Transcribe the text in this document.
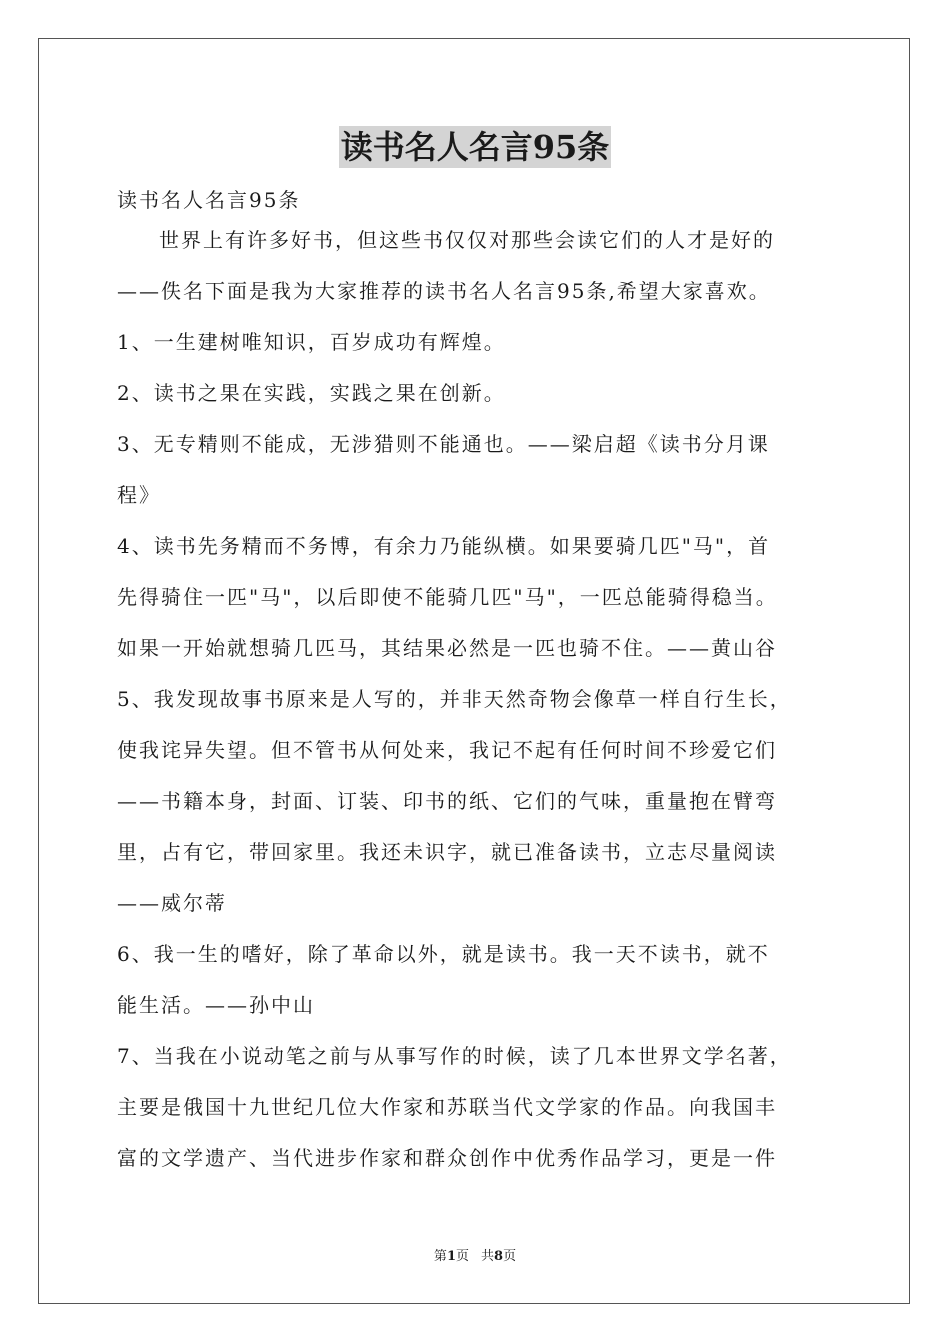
读书名人名言95条
读书名人名言95条
世界上有许多好书，但这些书仅仅对那些会读它们的人才是好的
——佚名下面是我为大家推荐的读书名人名言95条,希望大家喜欢。
1、一生建树唯知识，百岁成功有辉煌。
2、读书之果在实践，实践之果在创新。
3、无专精则不能成，无涉猎则不能通也。——梁启超《读书分月课
程》
4、读书先务精而不务博，有余力乃能纵横。如果要骑几匹"马"，首
先得骑住一匹"马"，以后即使不能骑几匹"马"，一匹总能骑得稳当。
如果一开始就想骑几匹马，其结果必然是一匹也骑不住。——黄山谷
5、我发现故事书原来是人写的，并非天然奇物会像草一样自行生长，
使我诧异失望。但不管书从何处来，我记不起有任何时间不珍爱它们
——书籍本身，封面、订装、印书的纸、它们的气味，重量抱在臂弯
里，占有它，带回家里。我还未识字，就已准备读书，立志尽量阅读
——威尔蒂
6、我一生的嗜好，除了革命以外，就是读书。我一天不读书，就不
能生活。——孙中山
7、当我在小说动笔之前与从事写作的时候，读了几本世界文学名著，
主要是俄国十九世纪几位大作家和苏联当代文学家的作品。向我国丰
富的文学遗产、当代进步作家和群众创作中优秀作品学习，更是一件
第1页 共8页
